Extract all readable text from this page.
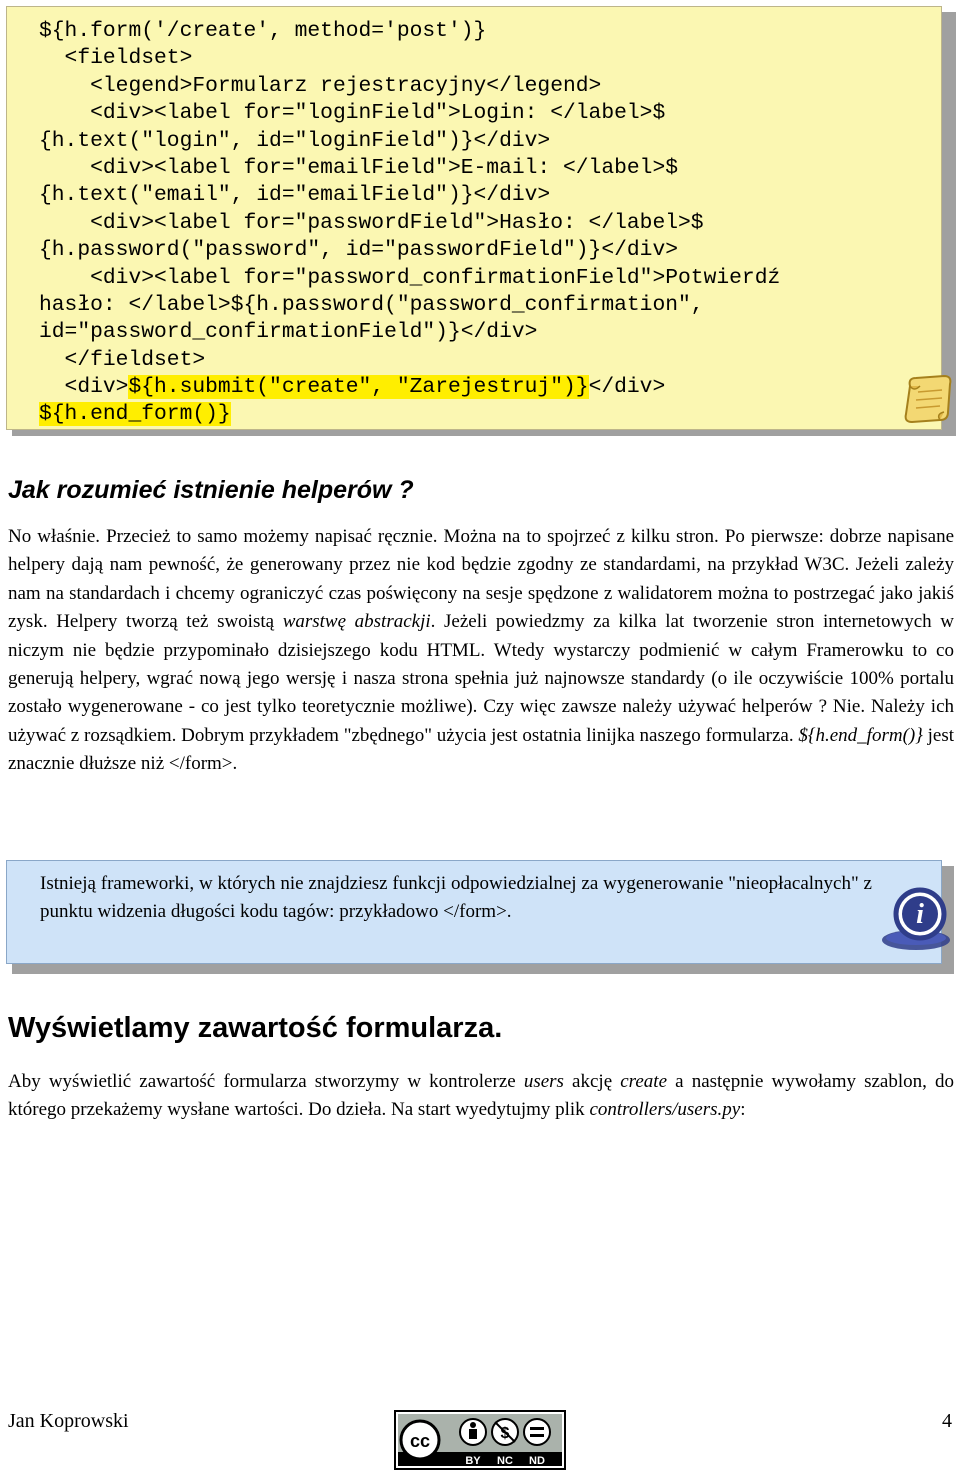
${h.form('/create', method='post')}
<fieldset>
<legend>Formularz rejestracyjny</legend>
<div><label for="loginField">Login: </label>$
{h.text("login", id="loginField")}</div>
<div><label for="emailField">E-mail: </label>$
{h.text("email", id="emailField")}</div>
<div><label for="passwordField">Hasło: </label>$
{h.password("password", id="passwordField")}</div>
<div><label for="password_confirmationField">Potwierdź
hasło: </label>${h.password("password_confirmation",
id="password_confirmationField")}</div>
</fieldset>
<div>${h.submit("create", "Zarejestruj")}</div>
${h.end_form()}
Jak rozumieć istnienie helperów ?

No właśnie. Przecież to samo możemy napisać ręcznie. Można na to spojrzeć z kilku stron. Po pierwsze: dobrze napisane helpery dają nam pewność, że generowany przez nie kod będzie zgodny ze standardami, na przykład W3C. Jeżeli zależy nam na standardach i chcemy ograniczyć czas poświęcony na sesje spędzone z walidatorem można to postrzegać jako jakiś zysk. Helpery tworzą też swoistą warstwę abstrackji. Jeżeli powiedzmy za kilka lat tworzenie stron internetowych w niczym nie będzie przypominało dzisiejszego kodu HTML. Wtedy wystarczy podmienić w całym Framerowku to co generują helpery, wgrać nową jego wersję i nasza strona spełnia już najnowsze standardy (o ile oczywiście 100% portalu zostało wygenerowane - co jest tylko teoretycznie możliwe). Czy więc zawsze należy używać helperów ? Nie. Należy ich używać z rozsądkiem. Dobrym przykładem "zbędnego" użycia jest ostatnia linijka naszego formularza. ${h.end_form()} jest znacznie dłuższe niż </form>.

Istnieją frameworki, w których nie znajdziesz funkcji odpowiedzialnej za wygenerowanie "nieopłacalnych" z punktu widzenia długości kodu tagów: przykładowo </form>.	i
Wyświetlamy zawartość formularza.

Aby wyświetlić zawartość formularza stworzymy w kontrolerze users akcję create a następnie wywołamy szablon, do którego przekażemy wysłane wartości. Do dzieła. Na start wyedytujmy plik controllers/users.py:

Jan Koprowski
cc	$
BY NC ND
4
